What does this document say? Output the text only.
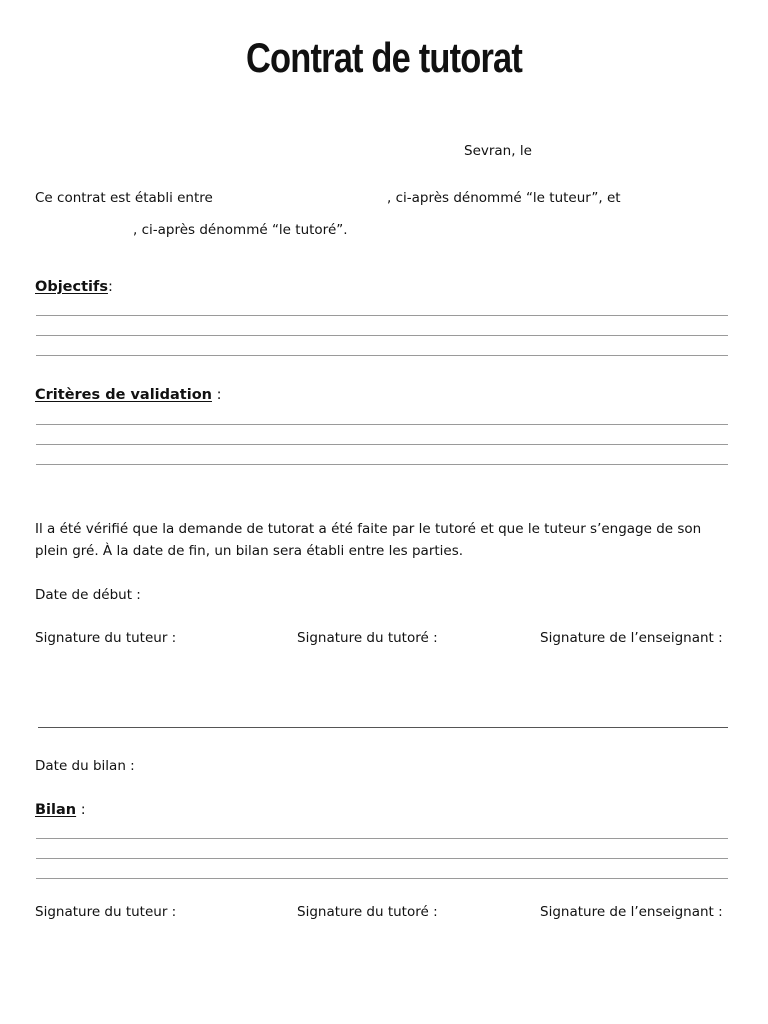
Contrat de tutorat
Sevran, le
Ce contrat est établi entre	, ci-après dénommé “le tuteur”, et
, ci-après dénommé “le tutoré”.
Objectifs:
Critères de validation :
Il a été vérifié que la demande de tutorat a été faite par le tutoré et que le tuteur s’engage de son plein gré. À la date de fin, un bilan sera établi entre les parties.
Date de début :
Signature du tuteur :	Signature du tutoré :	Signature de l’enseignant :
Date du bilan :
Bilan :
Signature du tuteur :	Signature du tutoré :	Signature de l’enseignant :
